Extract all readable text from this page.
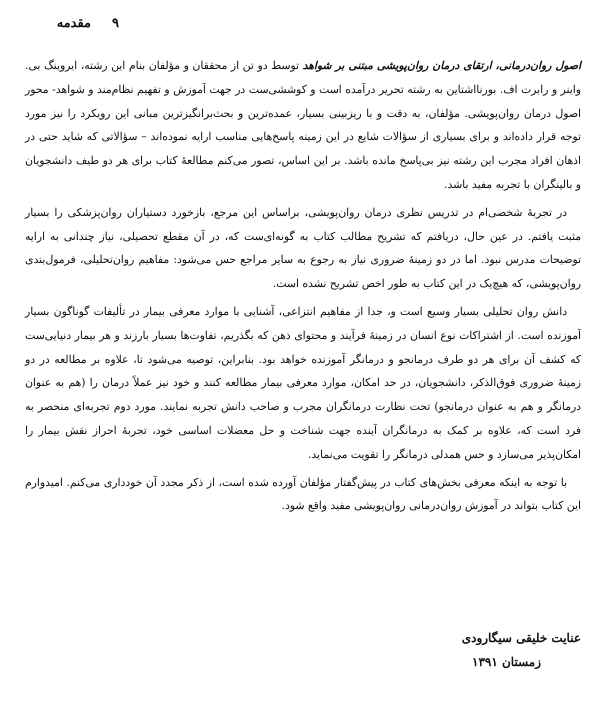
مقدمه ۹

اصول روان‌درمانی، ارتقای درمان روان‌پویشی مبتنی بر شواهد توسط دو تن از محققان و مؤلفان بنام این رشته، ایروینگ بی. واینر و رابرت اف. بورنااشتاین به رشته تحریر درآمده است و کوششی‌ست در جهت آموزش و تفهیم نظام‌مند و شواهد- محور اصول درمان روان‌پویشی. مؤلفان، به دقت و با ریزبینی بسیار، عمده‌ترین و بحث‌برانگیزترین مبانی این رویکرد را نیز مورد توجه قرار داده‌اند و برای بسیاری از سؤالات شایع در این زمینه پاسخ‌هایی مناسب ارایه نموده‌اند – سؤالاتی که شاید حتی در اذهان افراد مجرب این رشته نیز بی‌پاسخ مانده باشد. بر این اساس، تصور می‌کنم مطالعهٔ کتاب برای هر دو طیف دانشجویان و بالینگران با تجربه مفید باشد.

در تجربهٔ شخصی‌ام در تدریس نظری درمان روان‌پویشی، براساس این مرجع، بازخورد دستیاران روان‌پزشکی را بسیار مثبت یافتم. در عین حال، دریافتم که تشریح مطالب کتاب به گونه‌ای‌ست که، در آن مقطع تحصیلی، نیاز چندانی به ارایه توضیحات مدرس نبود. اما در دو زمینهٔ ضروری نیاز به رجوع به سایر مراجع حس می‌شود: مفاهیم روان‌تحلیلی، فرمول‌بندی روان‌پویشی، که هیچ‌یک در این کتاب به طور اخص تشریح نشده است.

دانش روان تحلیلی بسیار وسیع است و، جدا از مفاهیم انتزاعی، آشنایی با موارد معرفی بیمار در تألیفات گوناگون بسیار آموزنده است. از اشتراکات نوع انسان در زمینهٔ فرآیند و محتوای ذهن که بگذریم، تفاوت‌ها بسیار بارزند و هر بیمار دنیایی‌ست که کشف آن برای هر دو طرف درمانجو و درمانگر آموزنده خواهد بود. بنابراین، توصیه می‌شود تا، علاوه بر مطالعه در دو زمینهٔ ضروری فوق‌الذکر، دانشجویان، در حد امکان، موارد معرفی بیمار مطالعه کنند و خود نیز عملاً درمان را (هم به عنوان درمانگر و هم به عنوان درمانجو) تحت نظارت درمانگران مجرب و صاحب دانش تجربه نمایند. مورد دوم تجربه‌ای منحصر به فرد است که، علاوه بر کمک به درمانگران آینده جهت شناخت و حل معضلات اساسی خود، تجربهٔ احراز نقش بیمار را امکان‌پذیر می‌سازد و حس همدلی درمانگر را تقویت می‌نماید.

با توجه به اینکه معرفی بخش‌های کتاب در پیش‌گفتار مؤلفان آورده شده است، از ذکر مجدد آن خودداری می‌کنم. امیدوارم این کتاب بتواند در آموزش روان‌درمانی روان‌پویشی مفید واقع شود.

عنایت خلیقی سیگارودی
زمستان ۱۳۹۱
